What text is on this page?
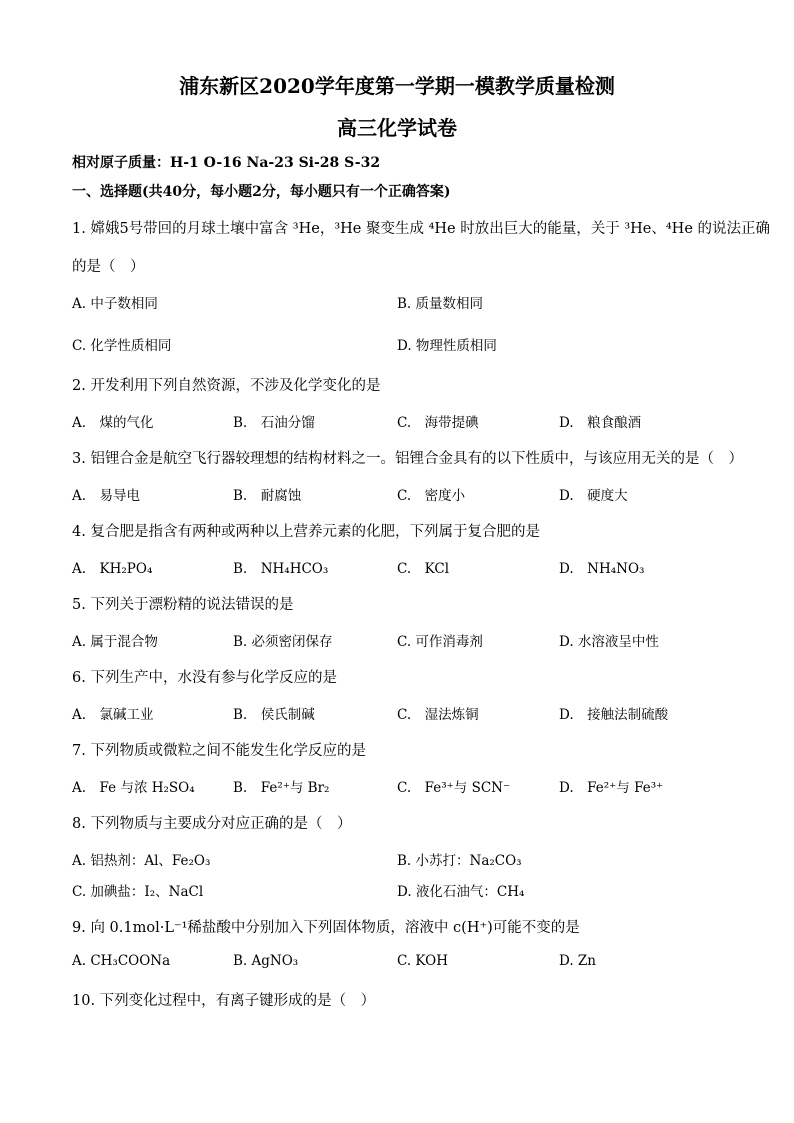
浦东新区2020学年度第一学期一模教学质量检测
高三化学试卷
相对原子质量：H-1 O-16 Na-23 Si-28 S-32
一、选择题(共40分，每小题2分，每小题只有一个正确答案)
1. 嫦娥5号带回的月球土壤中富含 ³He，³He 聚变生成 ⁴He 时放出巨大的能量，关于 ³He、⁴He 的说法正确
的是（　）
A. 中子数相同	B. 质量数相同
C. 化学性质相同	D. 物理性质相同
2. 开发利用下列自然资源，不涉及化学变化的是
A.　煤的气化	B.　石油分馏	C.　海带提碘	D.　粮食酿酒
3. 铝锂合金是航空飞行器较理想的结构材料之一。铝锂合金具有的以下性质中，与该应用无关的是（　）
A.　易导电	B.　耐腐蚀	C.　密度小	D.　硬度大
4. 复合肥是指含有两种或两种以上营养元素的化肥，下列属于复合肥的是
A.　KH₂PO₄	B.　NH₄HCO₃	C.　KCl	D.　NH₄NO₃
5. 下列关于漂粉精的说法错误的是
A. 属于混合物	B. 必须密闭保存	C. 可作消毒剂	D. 水溶液呈中性
6. 下列生产中，水没有参与化学反应的是
A.　氯碱工业	B.　侯氏制碱	C.　湿法炼铜	D.　接触法制硫酸
7. 下列物质或微粒之间不能发生化学反应的是
A.　Fe 与浓 H₂SO₄	B.　Fe²⁺与 Br₂	C.　Fe³⁺与 SCN⁻	D.　Fe²⁺与 Fe³⁺
8. 下列物质与主要成分对应正确的是（　）
A. 铝热剂：Al、Fe₂O₃	B. 小苏打：Na₂CO₃
C. 加碘盐：I₂、NaCl	D. 液化石油气：CH₄
9. 向 0.1mol·L⁻¹稀盐酸中分别加入下列固体物质，溶液中 c(H⁺)可能不变的是
A. CH₃COONa	B. AgNO₃	C. KOH	D. Zn
10. 下列变化过程中，有离子键形成的是（　）
